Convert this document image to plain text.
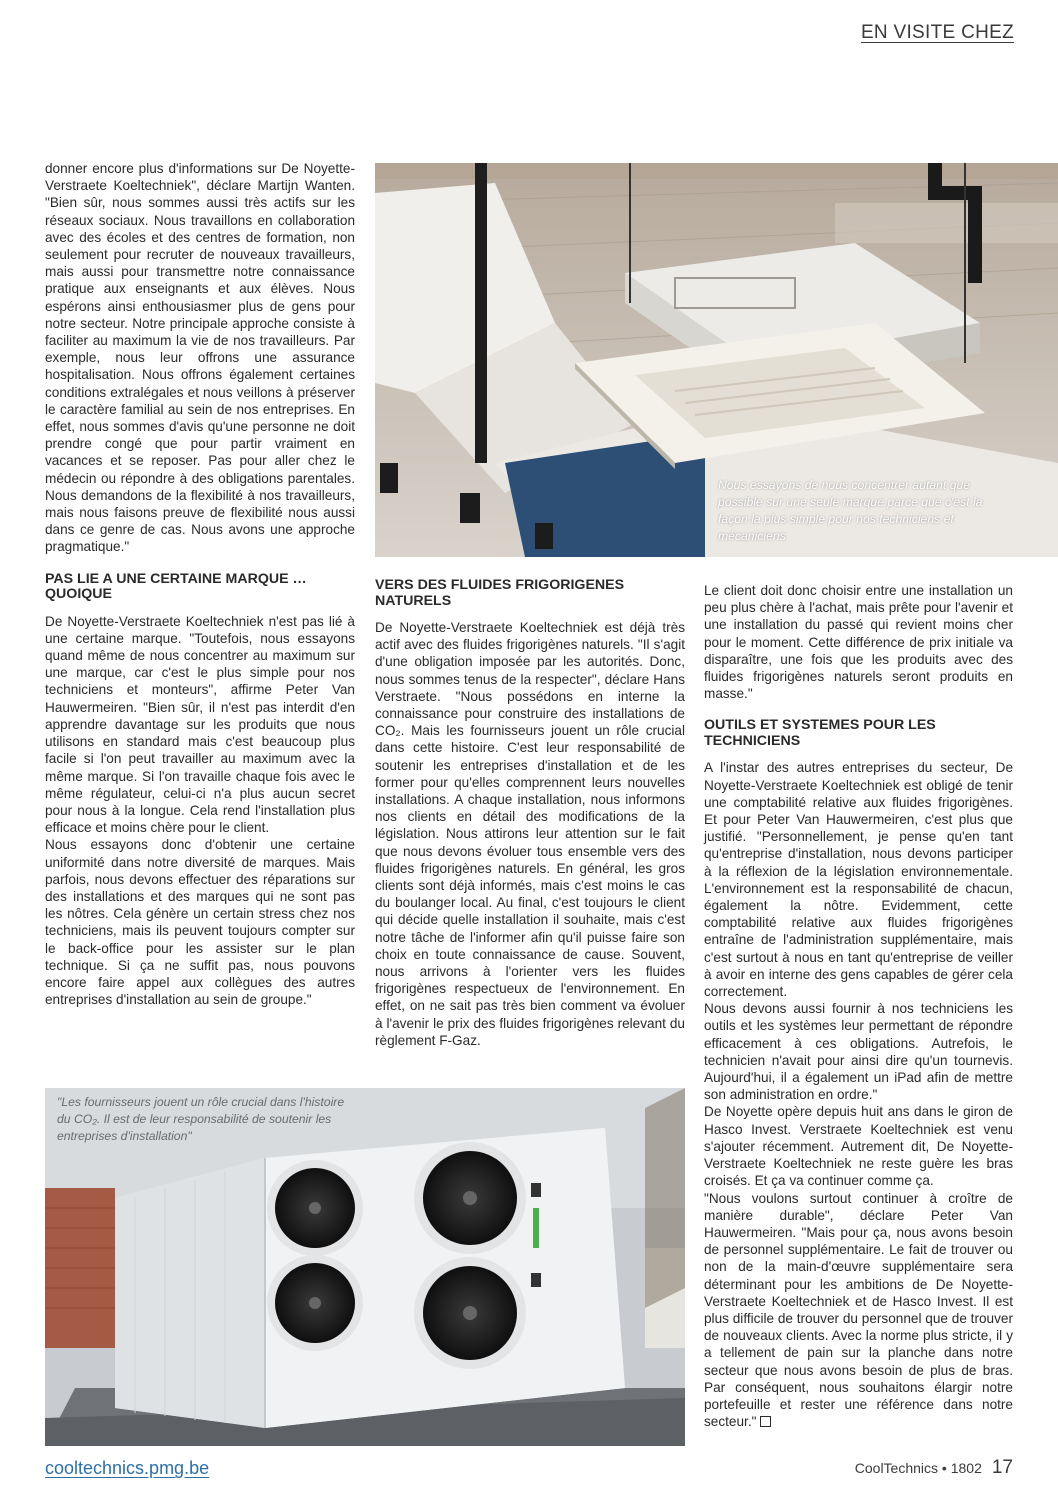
EN VISITE CHEZ

donner encore plus d'informations sur De Noyette-Verstraete Koeltechniek", déclare Martijn Wanten. "Bien sûr, nous sommes aussi très actifs sur les réseaux sociaux. Nous travaillons en collaboration avec des écoles et des centres de formation, non seulement pour recruter de nouveaux travailleurs, mais aussi pour transmettre notre connaissance pratique aux enseignants et aux élèves. Nous espérons ainsi enthousiasmer plus de gens pour notre secteur. Notre principale approche consiste à faciliter au maximum la vie de nos travailleurs. Par exemple, nous leur offrons une assurance hospitalisation. Nous offrons également certaines conditions extralégales et nous veillons à préserver le caractère familial au sein de nos entreprises. En effet, nous sommes d'avis qu'une personne ne doit prendre congé que pour partir vraiment en vacances et se reposer. Pas pour aller chez le médecin ou répondre à des obligations parentales. Nous demandons de la flexibilité à nos travailleurs, mais nous faisons preuve de flexibilité nous aussi dans ce genre de cas. Nous avons une approche pragmatique."

PAS LIE A UNE CERTAINE MARQUE … QUOIQUE

De Noyette-Verstraete Koeltechniek n'est pas lié à une certaine marque. "Toutefois, nous essayons quand même de nous concentrer au maximum sur une marque, car c'est le plus simple pour nos techniciens et monteurs", affirme Peter Van Hauwermeiren. "Bien sûr, il n'est pas interdit d'en apprendre davantage sur les produits que nous utilisons en standard mais c'est beaucoup plus facile si l'on peut travailler au maximum avec la même marque. Si l'on travaille chaque fois avec le même régulateur, celui-ci n'a plus aucun secret pour nous à la longue. Cela rend l'installation plus efficace et moins chère pour le client.

Nous essayons donc d'obtenir une certaine uniformité dans notre diversité de marques. Mais parfois, nous devons effectuer des réparations sur des installations et des marques qui ne sont pas les nôtres. Cela génère un certain stress chez nos techniciens, mais ils peuvent toujours compter sur le back-office pour les assister sur le plan technique. Si ça ne suffit pas, nous pouvons encore faire appel aux collègues des autres entreprises d'installation au sein de groupe."

Nous essayons de nous concentrer autant que possible sur une seule marque parce que c'est la façon la plus simple pour nos techniciens et mécaniciens
VERS DES FLUIDES FRIGORIGENES NATURELS

De Noyette-Verstraete Koeltechniek est déjà très actif avec des fluides frigorigènes naturels. "Il s'agit d'une obligation imposée par les autorités. Donc, nous sommes tenus de la respecter", déclare Hans Verstraete. "Nous possédons en interne la connaissance pour construire des installations de CO₂. Mais les fournisseurs jouent un rôle crucial dans cette histoire. C'est leur responsabilité de soutenir les entreprises d'installation et de les former pour qu'elles comprennent leurs nouvelles installations. A chaque installation, nous informons nos clients en détail des modifications de la législation. Nous attirons leur attention sur le fait que nous devons évoluer tous ensemble vers des fluides frigorigènes naturels. En général, les gros clients sont déjà informés, mais c'est moins le cas du boulanger local. Au final, c'est toujours le client qui décide quelle installation il souhaite, mais c'est notre tâche de l'informer afin qu'il puisse faire son choix en toute connaissance de cause. Souvent, nous arrivons à l'orienter vers les fluides frigorigènes respectueux de l'environnement. En effet, on ne sait pas très bien comment va évoluer à l'avenir le prix des fluides frigorigènes relevant du règlement F-Gaz.

Le client doit donc choisir entre une installation un peu plus chère à l'achat, mais prête pour l'avenir et une installation du passé qui revient moins cher pour le moment. Cette différence de prix initiale va disparaître, une fois que les produits avec des fluides frigorigènes naturels seront produits en masse."

OUTILS ET SYSTEMES POUR LES TECHNICIENS

A l'instar des autres entreprises du secteur, De Noyette-Verstraete Koeltechniek est obligé de tenir une comptabilité relative aux fluides frigorigènes. Et pour Peter Van Hauwermeiren, c'est plus que justifié. "Personnellement, je pense qu'en tant qu'entreprise d'installation, nous devons participer à la réflexion de la législation environnementale. L'environnement est la responsabilité de chacun, également la nôtre. Evidemment, cette comptabilité relative aux fluides frigorigènes entraîne de l'administration supplémentaire, mais c'est surtout à nous en tant qu'entreprise de veiller à avoir en interne des gens capables de gérer cela correctement.

Nous devons aussi fournir à nos techniciens les outils et les systèmes leur permettant de répondre efficacement à ces obligations. Autrefois, le technicien n'avait pour ainsi dire qu'un tournevis. Aujourd'hui, il a également un iPad afin de mettre son administration en ordre."

De Noyette opère depuis huit ans dans le giron de Hasco Invest. Verstraete Koeltechniek est venu s'ajouter récemment. Autrement dit, De Noyette-Verstraete Koeltechniek ne reste guère les bras croisés. Et ça va continuer comme ça.

"Nous voulons surtout continuer à croître de manière durable", déclare Peter Van Hauwermeiren. "Mais pour ça, nous avons besoin de personnel supplémentaire. Le fait de trouver ou non de la main-d'œuvre supplémentaire sera déterminant pour les ambitions de De Noyette-Verstraete Koeltechniek et de Hasco Invest. Il est plus difficile de trouver du personnel que de trouver de nouveaux clients. Avec la norme plus stricte, il y a tellement de pain sur la planche dans notre secteur que nous avons besoin de plus de bras. Par conséquent, nous souhaitons élargir notre portefeuille et rester une référence dans notre secteur."

"Les fournisseurs jouent un rôle crucial dans l'histoire du CO₂. Il est de leur responsabilité de soutenir les entreprises d'installation"
cooltechnics.pmg.be	CoolTechnics • 1802 17
